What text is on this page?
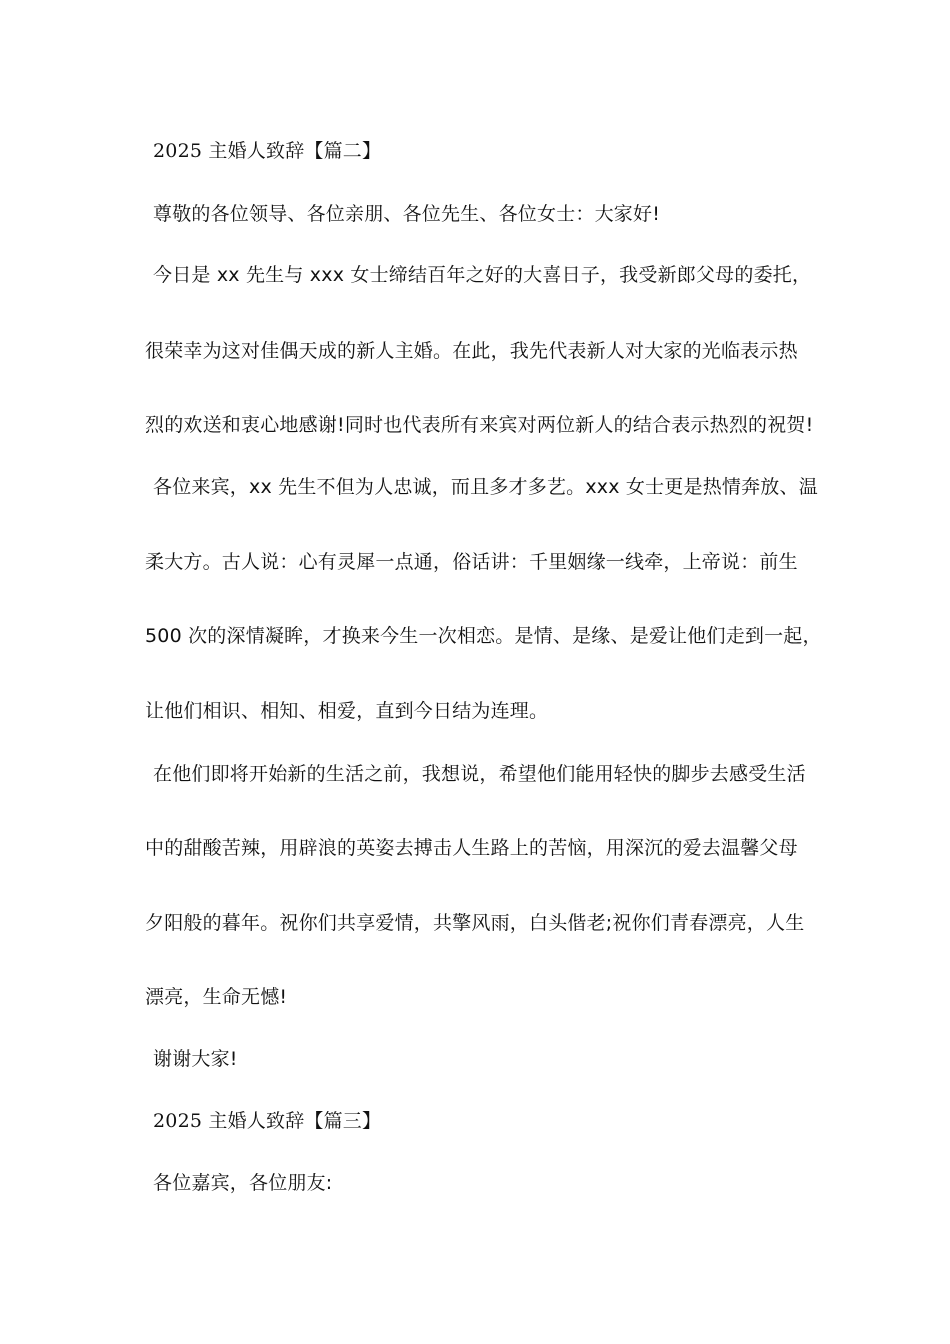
2025 主婚人致辞【篇二】
尊敬的各位领导、各位亲朋、各位先生、各位女士：大家好!
今日是 xx 先生与 xxx 女士缔结百年之好的大喜日子，我受新郎父母的委托，
很荣幸为这对佳偶天成的新人主婚。在此，我先代表新人对大家的光临表示热
烈的欢送和衷心地感谢!同时也代表所有来宾对两位新人的结合表示热烈的祝贺!
各位来宾，xx 先生不但为人忠诚，而且多才多艺。xxx 女士更是热情奔放、温
柔大方。古人说：心有灵犀一点通，俗话讲：千里姻缘一线牵，上帝说：前生
500 次的深情凝眸，才换来今生一次相恋。是情、是缘、是爱让他们走到一起，
让他们相识、相知、相爱，直到今日结为连理。
在他们即将开始新的生活之前，我想说，希望他们能用轻快的脚步去感受生活
中的甜酸苦辣，用辟浪的英姿去搏击人生路上的苦恼，用深沉的爱去温馨父母
夕阳般的暮年。祝你们共享爱情，共擎风雨，白头偕老;祝你们青春漂亮，人生
漂亮，生命无憾!
谢谢大家!
2025 主婚人致辞【篇三】
各位嘉宾，各位朋友:
